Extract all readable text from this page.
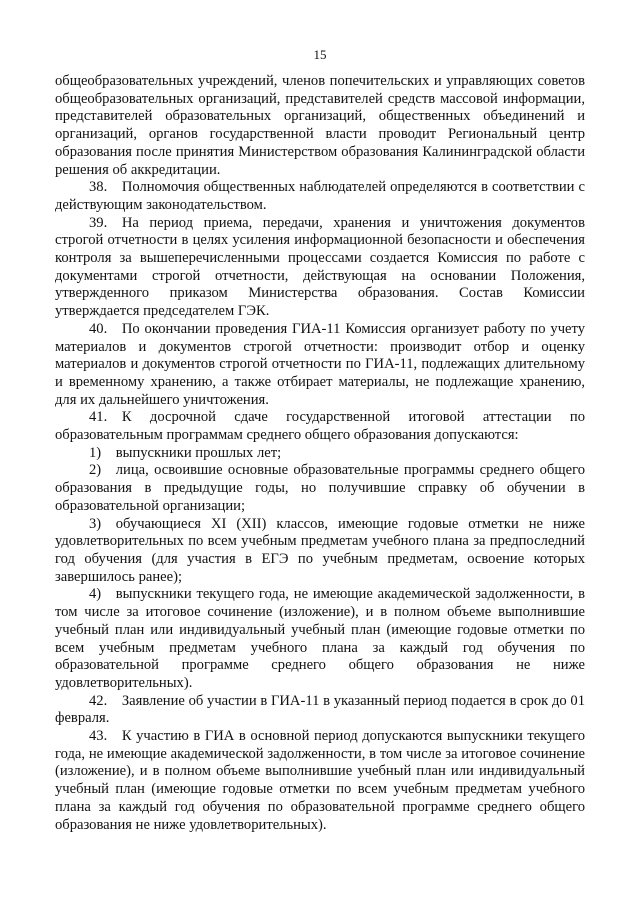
15

общеобразовательных учреждений, членов попечительских и управляющих советов общеобразовательных организаций, представителей средств массовой информации, представителей образовательных организаций, общественных объединений и организаций, органов государственной власти проводит Региональный центр образования после принятия Министерством образования Калининградской области решения об аккредитации.

38. Полномочия общественных наблюдателей определяются в соответствии с действующим законодательством.

39. На период приема, передачи, хранения и уничтожения документов строгой отчетности в целях усиления информационной безопасности и обеспечения контроля за вышеперечисленными процессами создается Комиссия по работе с документами строгой отчетности, действующая на основании Положения, утвержденного приказом Министерства образования. Состав Комиссии утверждается председателем ГЭК.

40. По окончании проведения ГИА-11 Комиссия организует работу по учету материалов и документов строгой отчетности: производит отбор и оценку материалов и документов строгой отчетности по ГИА-11, подлежащих длительному и временному хранению, а также отбирает материалы, не подлежащие хранению, для их дальнейшего уничтожения.

41. К досрочной сдаче государственной итоговой аттестации по образовательным программам среднего общего образования допускаются:

1) выпускники прошлых лет;

2) лица, освоившие основные образовательные программы среднего общего образования в предыдущие годы, но получившие справку об обучении в образовательной организации;

3) обучающиеся XI (XII) классов, имеющие годовые отметки не ниже удовлетворительных по всем учебным предметам учебного плана за предпоследний год обучения (для участия в ЕГЭ по учебным предметам, освоение которых завершилось ранее);

4) выпускники текущего года, не имеющие академической задолженности, в том числе за итоговое сочинение (изложение), и в полном объеме выполнившие учебный план или индивидуальный учебный план (имеющие годовые отметки по всем учебным предметам учебного плана за каждый год обучения по образовательной программе среднего общего образования не ниже удовлетворительных).

42. Заявление об участии в ГИА-11 в указанный период подается в срок до 01 февраля.

43. К участию в ГИА в основной период допускаются выпускники текущего года, не имеющие академической задолженности, в том числе за итоговое сочинение (изложение), и в полном объеме выполнившие учебный план или индивидуальный учебный план (имеющие годовые отметки по всем учебным предметам учебного плана за каждый год обучения по образовательной программе среднего общего образования не ниже удовлетворительных).
